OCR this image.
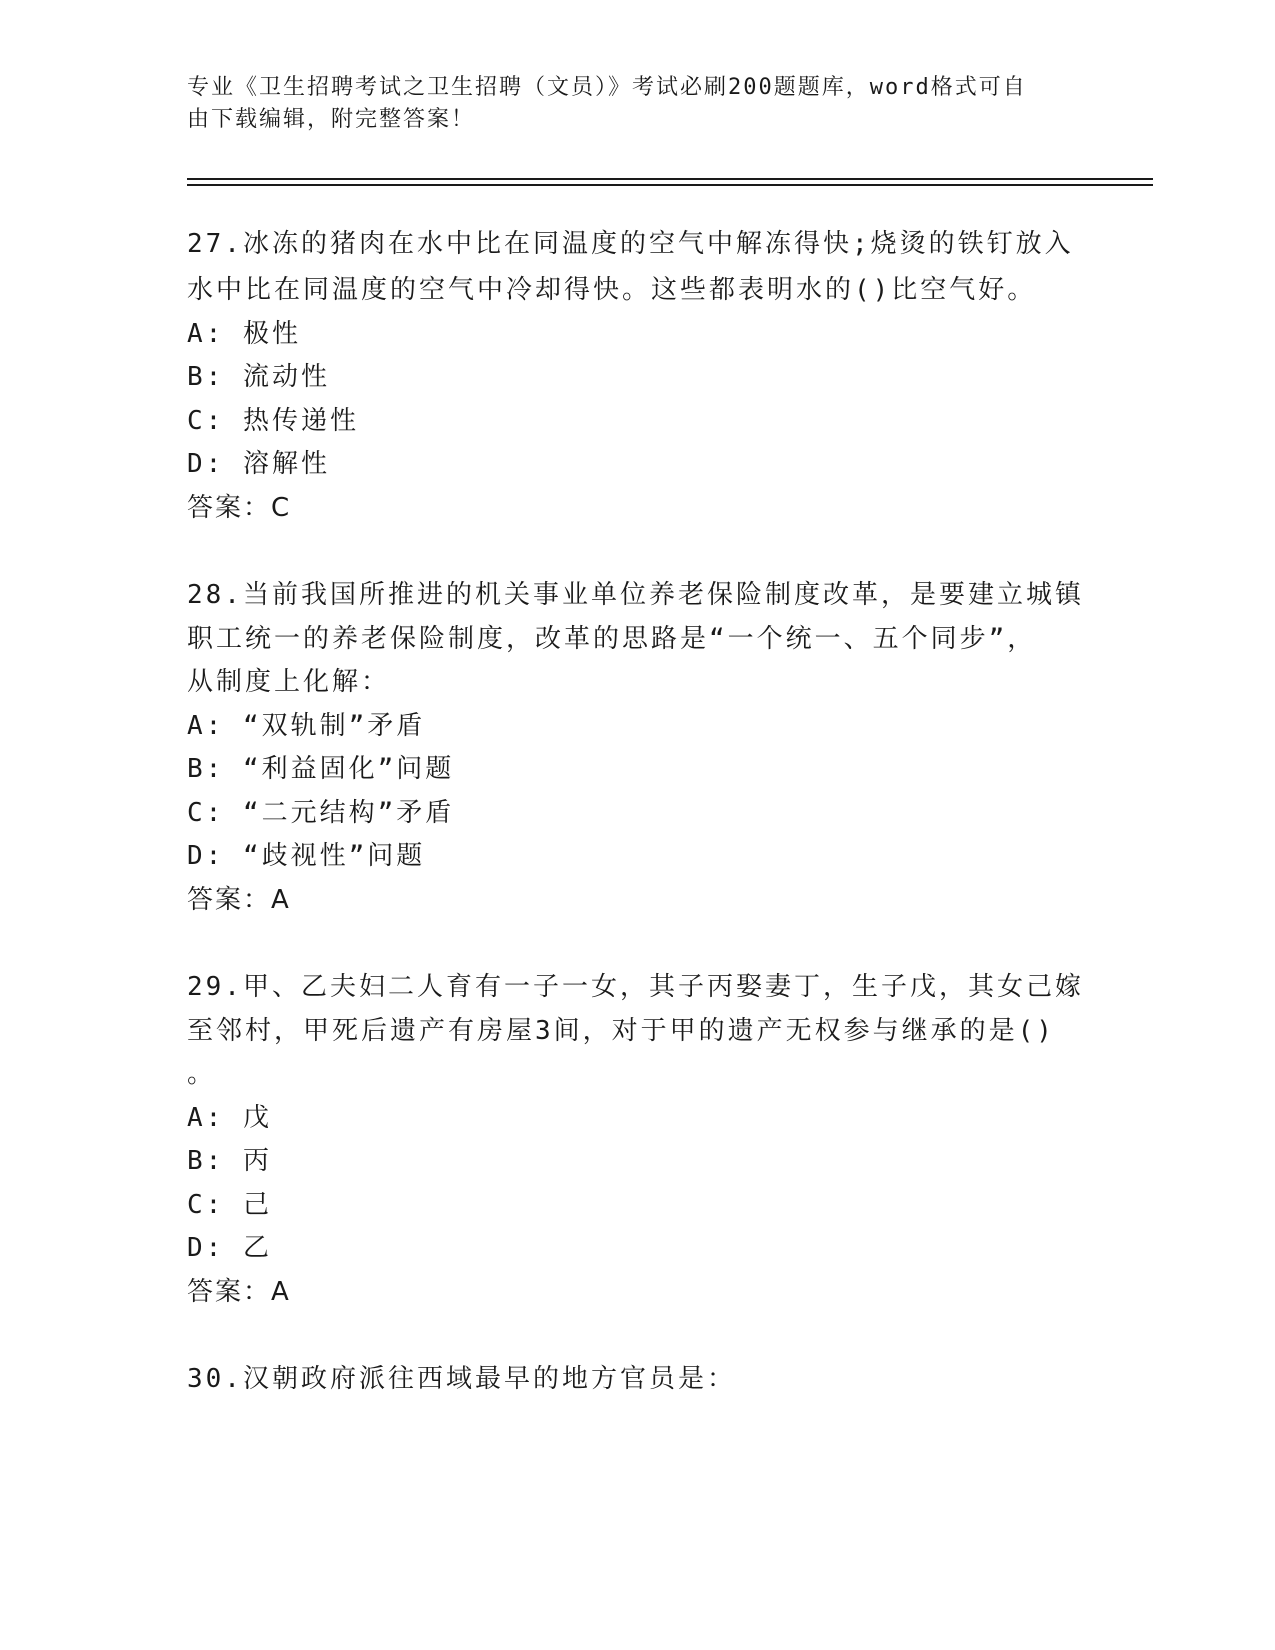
专业《卫生招聘考试之卫生招聘（文员）》考试必刷200题题库，word格式可自
由下载编辑，附完整答案！
27.冰冻的猪肉在水中比在同温度的空气中解冻得快;烧烫的铁钉放入
水中比在同温度的空气中冷却得快。这些都表明水的()比空气好。
A: 极性
B: 流动性
C: 热传递性
D: 溶解性
答案：C
28.当前我国所推进的机关事业单位养老保险制度改革，是要建立城镇
职工统一的养老保险制度，改革的思路是“一个统一、五个同步”，
从制度上化解：
A: “双轨制”矛盾
B: “利益固化”问题
C: “二元结构”矛盾
D: “歧视性”问题
答案：A
29.甲、乙夫妇二人育有一子一女，其子丙娶妻丁，生子戊，其女己嫁
至邻村，甲死后遗产有房屋3间，对于甲的遗产无权参与继承的是()
。
A: 戊
B: 丙
C: 己
D: 乙
答案：A
30.汉朝政府派往西域最早的地方官员是：
